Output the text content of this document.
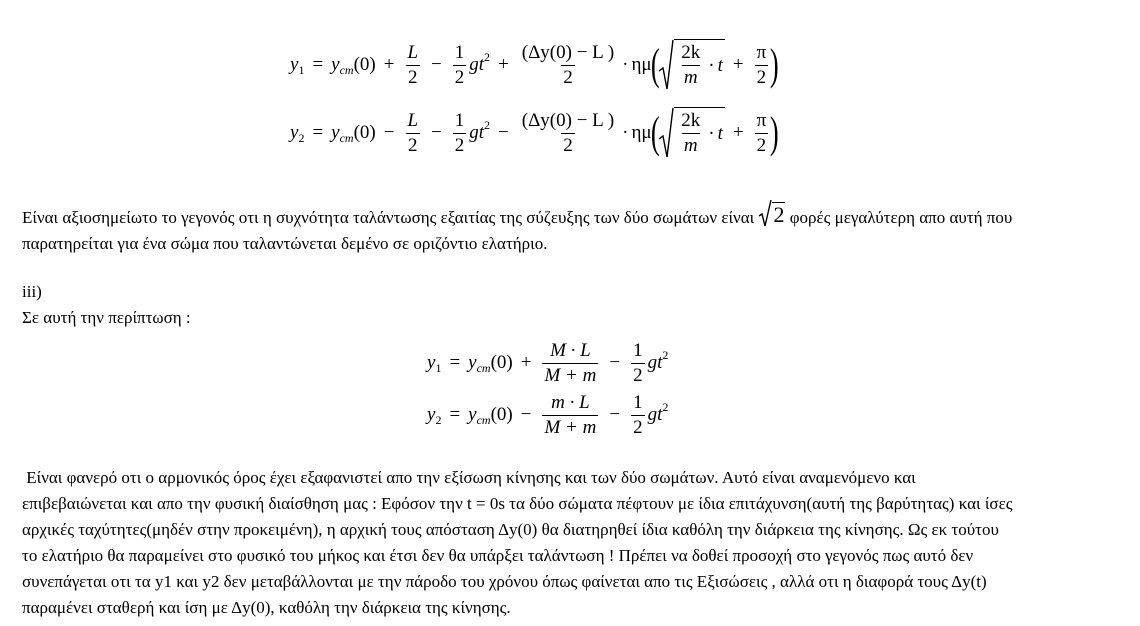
y 1 = y cm $(0) + \frac{L}{2} - \frac{1}{2}$ g t $2 + \frac{(\Delta y(0) - L )}{2} \cdot \eta\mu$
( $\frac{2k}{m} \cdot t + \frac{\pi}{2}$ )
y 2 = y cm $(0) - \frac{L}{2} - \frac{1}{2}$ g t $2 - \frac{(\Delta y(0) - L )}{2} \cdot \eta\mu$
( $\frac{2k}{m} \cdot t + \frac{\pi}{2}$ )
Είναι αξιοσημείωτο το γεγονός οτι η συχνότητα ταλάντωσης εξαιτίας της σύζευξης των δύο σωμάτων είναι 2 φορές μεγαλύτερη απο αυτή που
παρατηρείται για ένα σώμα που ταλαντώνεται δεμένο σε οριζόντιο ελατήριο.
iii)
Σε αυτή την περίπτωση :
y 1 = y cm $(0) + \frac{M \cdot L}{M + m} - \frac{1}{2}$ g t 2
y 2 = y cm $(0) - \frac{m \cdot L}{M + m} - \frac{1}{2}$ g t 2
Είναι φανερό οτι ο αρμονικός όρος έχει εξαφανιστεί απο την εξίσωση κίνησης και των δύο σωμάτων. Αυτό είναι αναμενόμενο και
επιβεβαιώνεται και απο την φυσική διαίσθηση μας : Εφόσον την t = 0s τα δύο σώματα πέφτουν με ίδια επιτάχυνση(αυτή της βαρύτητας) και ίσες
αρχικές ταχύτητες(μηδέν στην προκειμένη), η αρχική τους απόσταση Δy(0) θα διατηρηθεί ίδια καθόλη την διάρκεια της κίνησης. Ως εκ τούτου
το ελατήριο θα παραμείνει στο φυσικό του μήκος και έτσι δεν θα υπάρξει ταλάντωση ! Πρέπει να δοθεί προσοχή στο γεγονός πως αυτό δεν
συνεπάγεται οτι τα y1 και y2 δεν μεταβάλλονται με την πάροδο του χρόνου όπως φαίνεται απο τις Εξισώσεις , αλλά οτι η διαφορά τους Δy(t)
παραμένει σταθερή και ίση με Δy(0), καθόλη την διάρκεια της κίνησης.
